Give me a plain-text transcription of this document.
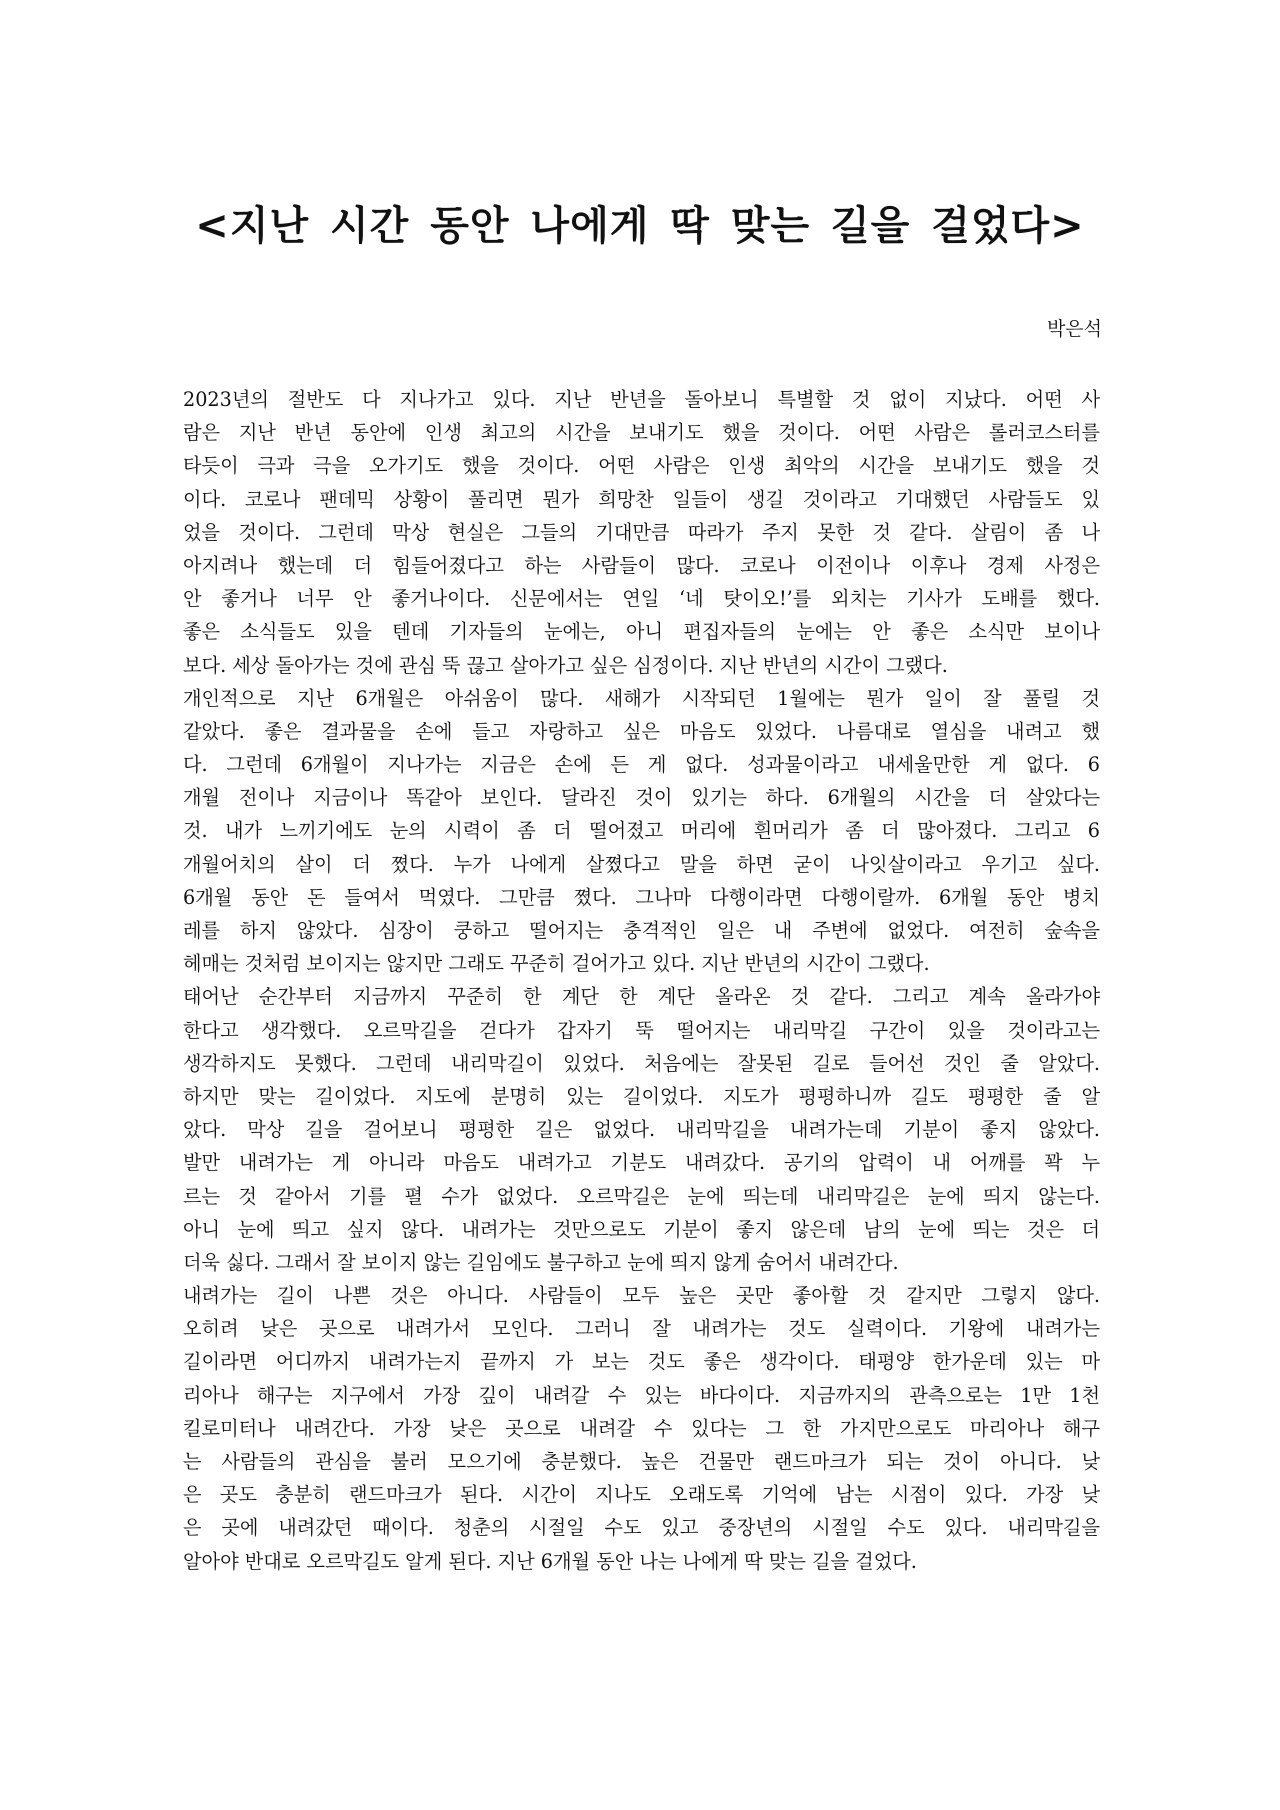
<지난 시간 동안 나에게 딱 맞는 길을 걸었다>

박은석

2023년의 절반도 다 지나가고 있다. 지난 반년을 돌아보니 특별할 것 없이 지났다. 어떤 사
람은 지난 반년 동안에 인생 최고의 시간을 보내기도 했을 것이다. 어떤 사람은 롤러코스터를
타듯이 극과 극을 오가기도 했을 것이다. 어떤 사람은 인생 최악의 시간을 보내기도 했을 것
이다. 코로나 팬데믹 상황이 풀리면 뭔가 희망찬 일들이 생길 것이라고 기대했던 사람들도 있
었을 것이다. 그런데 막상 현실은 그들의 기대만큼 따라가 주지 못한 것 같다. 살림이 좀 나
아지려나 했는데 더 힘들어졌다고 하는 사람들이 많다. 코로나 이전이나 이후나 경제 사정은
안 좋거나 너무 안 좋거나이다. 신문에서는 연일 ‘네 탓이오!’를 외치는 기사가 도배를 했다.
좋은 소식들도 있을 텐데 기자들의 눈에는, 아니 편집자들의 눈에는 안 좋은 소식만 보이나
보다. 세상 돌아가는 것에 관심 뚝 끊고 살아가고 싶은 심정이다. 지난 반년의 시간이 그랬다.

개인적으로 지난 6개월은 아쉬움이 많다. 새해가 시작되던 1월에는 뭔가 일이 잘 풀릴 것
같았다. 좋은 결과물을 손에 들고 자랑하고 싶은 마음도 있었다. 나름대로 열심을 내려고 했
다. 그런데 6개월이 지나가는 지금은 손에 든 게 없다. 성과물이라고 내세울만한 게 없다. 6
개월 전이나 지금이나 똑같아 보인다. 달라진 것이 있기는 하다. 6개월의 시간을 더 살았다는
것. 내가 느끼기에도 눈의 시력이 좀 더 떨어졌고 머리에 흰머리가 좀 더 많아졌다. 그리고 6
개월어치의 살이 더 쪘다. 누가 나에게 살쪘다고 말을 하면 굳이 나잇살이라고 우기고 싶다.
6개월 동안 돈 들여서 먹였다. 그만큼 쪘다. 그나마 다행이라면 다행이랄까. 6개월 동안 병치
레를 하지 않았다. 심장이 쿵하고 떨어지는 충격적인 일은 내 주변에 없었다. 여전히 숲속을
헤매는 것처럼 보이지는 않지만 그래도 꾸준히 걸어가고 있다. 지난 반년의 시간이 그랬다.

태어난 순간부터 지금까지 꾸준히 한 계단 한 계단 올라온 것 같다. 그리고 계속 올라가야
한다고 생각했다. 오르막길을 걷다가 갑자기 뚝 떨어지는 내리막길 구간이 있을 것이라고는
생각하지도 못했다. 그런데 내리막길이 있었다. 처음에는 잘못된 길로 들어선 것인 줄 알았다.
하지만 맞는 길이었다. 지도에 분명히 있는 길이었다. 지도가 평평하니까 길도 평평한 줄 알
았다. 막상 길을 걸어보니 평평한 길은 없었다. 내리막길을 내려가는데 기분이 좋지 않았다.
발만 내려가는 게 아니라 마음도 내려가고 기분도 내려갔다. 공기의 압력이 내 어깨를 꽉 누
르는 것 같아서 기를 펼 수가 없었다. 오르막길은 눈에 띄는데 내리막길은 눈에 띄지 않는다.
아니 눈에 띄고 싶지 않다. 내려가는 것만으로도 기분이 좋지 않은데 남의 눈에 띄는 것은 더
더욱 싫다. 그래서 잘 보이지 않는 길임에도 불구하고 눈에 띄지 않게 숨어서 내려간다.

내려가는 길이 나쁜 것은 아니다. 사람들이 모두 높은 곳만 좋아할 것 같지만 그렇지 않다.
오히려 낮은 곳으로 내려가서 모인다. 그러니 잘 내려가는 것도 실력이다. 기왕에 내려가는
길이라면 어디까지 내려가는지 끝까지 가 보는 것도 좋은 생각이다. 태평양 한가운데 있는 마
리아나 해구는 지구에서 가장 깊이 내려갈 수 있는 바다이다. 지금까지의 관측으로는 1만 1천
킬로미터나 내려간다. 가장 낮은 곳으로 내려갈 수 있다는 그 한 가지만으로도 마리아나 해구
는 사람들의 관심을 불러 모으기에 충분했다. 높은 건물만 랜드마크가 되는 것이 아니다. 낮
은 곳도 충분히 랜드마크가 된다. 시간이 지나도 오래도록 기억에 남는 시점이 있다. 가장 낮
은 곳에 내려갔던 때이다. 청춘의 시절일 수도 있고 중장년의 시절일 수도 있다. 내리막길을
알아야 반대로 오르막길도 알게 된다. 지난 6개월 동안 나는 나에게 딱 맞는 길을 걸었다.
